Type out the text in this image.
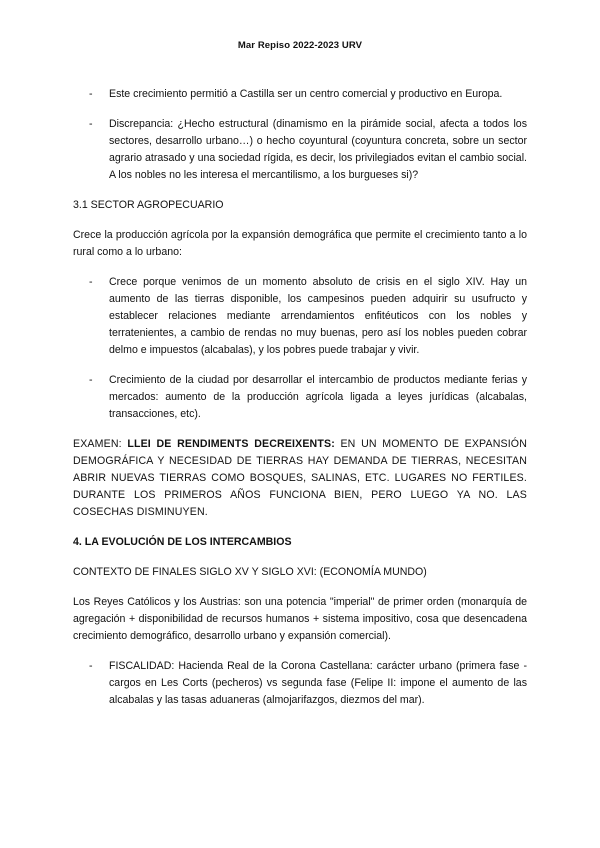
Mar Repiso 2022-2023 URV
- Este crecimiento permitió a Castilla ser un centro comercial y productivo en Europa.
- Discrepancia: ¿Hecho estructural (dinamismo en la pirámide social, afecta a todos los sectores, desarrollo urbano…) o hecho coyuntural (coyuntura concreta, sobre un sector agrario atrasado y una sociedad rígida, es decir, los privilegiados evitan el cambio social. A los nobles no les interesa el mercantilismo, a los burgueses si)?
3.1 SECTOR AGROPECUARIO
Crece la producción agrícola por la expansión demográfica que permite el crecimiento tanto a lo rural como a lo urbano:
- Crece porque venimos de un momento absoluto de crisis en el siglo XIV. Hay un aumento de las tierras disponible, los campesinos pueden adquirir su usufructo y establecer relaciones mediante arrendamientos enfitéuticos con los nobles y terratenientes, a cambio de rendas no muy buenas, pero así los nobles pueden cobrar delmo e impuestos (alcabalas), y los pobres puede trabajar y vivir.
- Crecimiento de la ciudad por desarrollar el intercambio de productos mediante ferias y mercados: aumento de la producción agrícola ligada a leyes jurídicas (alcabalas, transacciones, etc).
EXAMEN: LLEI DE RENDIMENTS DECREIXENTS: EN UN MOMENTO DE EXPANSIÓN DEMOGRÁFICA Y NECESIDAD DE TIERRAS HAY DEMANDA DE TIERRAS, NECESITAN ABRIR NUEVAS TIERRAS COMO BOSQUES, SALINAS, ETC. LUGARES NO FERTILES. DURANTE LOS PRIMEROS AÑOS FUNCIONA BIEN, PERO LUEGO YA NO. LAS COSECHAS DISMINUYEN.
4. LA EVOLUCIÓN DE LOS INTERCAMBIOS
CONTEXTO DE FINALES SIGLO XV Y SIGLO XVI: (ECONOMÍA MUNDO)
Los Reyes Católicos y los Austrias: son una potencia "imperial" de primer orden (monarquía de agregación + disponibilidad de recursos humanos + sistema impositivo, cosa que desencadena crecimiento demográfico, desarrollo urbano y expansión comercial).
- FISCALIDAD: Hacienda Real de la Corona Castellana: carácter urbano (primera fase - cargos en Les Corts (pecheros) vs segunda fase (Felipe II: impone el aumento de las alcabalas y las tasas aduaneras (almojarifazgos, diezmos del mar).
